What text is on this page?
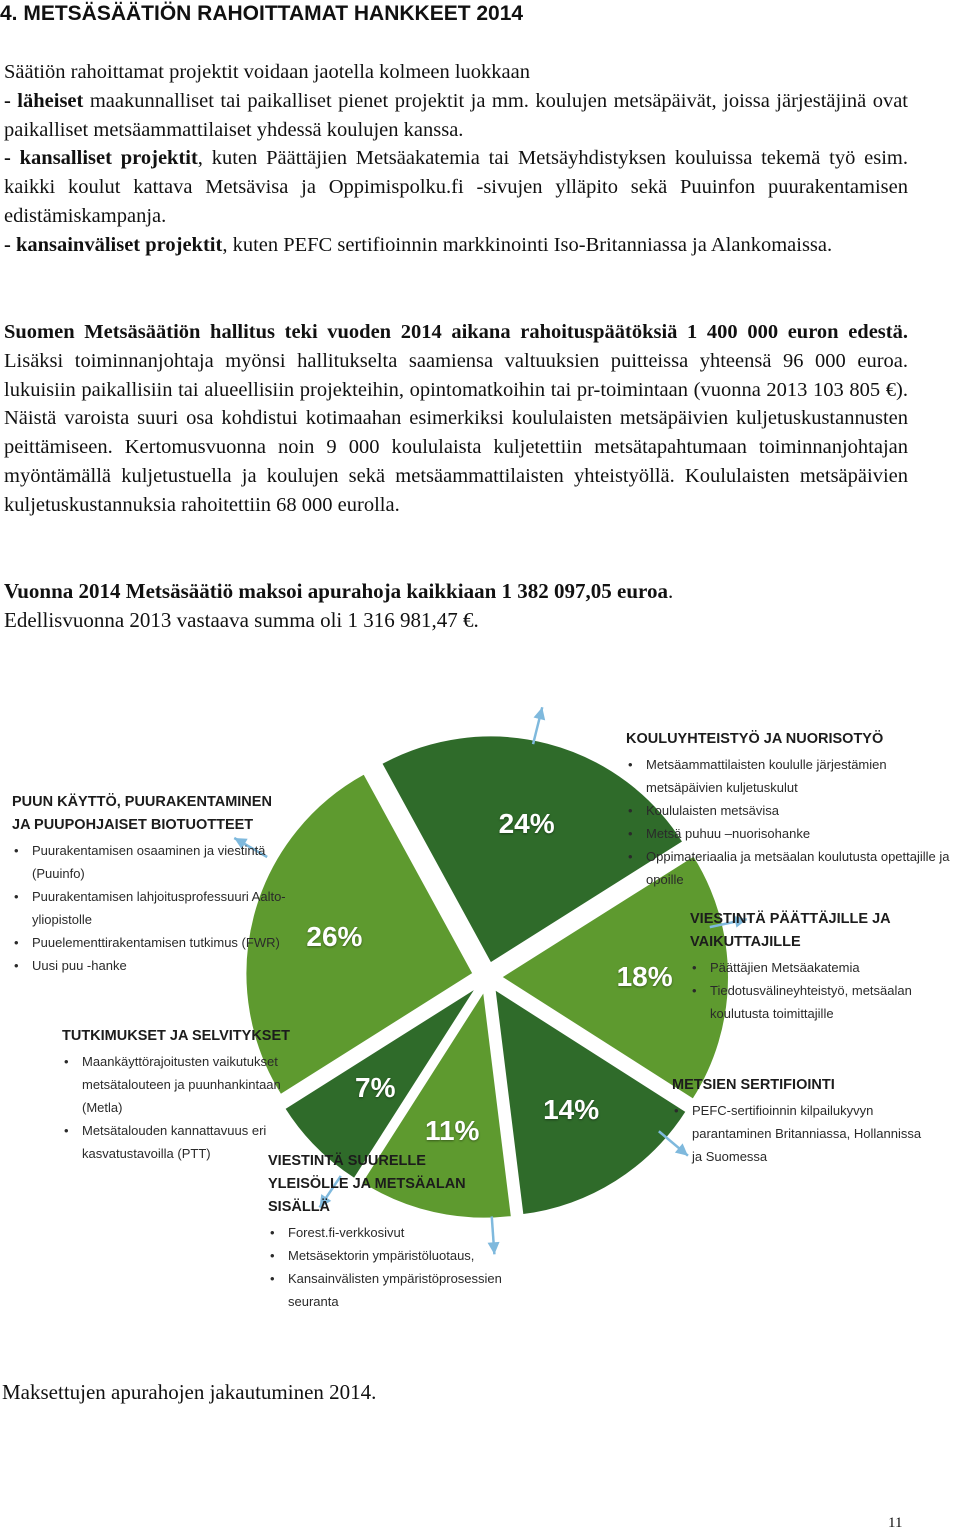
4. METSÄSÄÄTIÖN RAHOITTAMAT HANKKEET 2014
Säätiön rahoittamat projektit voidaan jaotella kolmeen luokkaan
- läheiset maakunnalliset tai paikalliset pienet projektit ja mm. koulujen metsäpäivät, joissa järjestäjinä ovat paikalliset metsäammattilaiset yhdessä koulujen kanssa.
- kansalliset projektit, kuten Päättäjien Metsäakatemia tai Metsäyhdistyksen kouluissa tekemä työ esim. kaikki koulut kattava Metsävisa ja Oppimispolku.fi -sivujen ylläpito sekä Puuinfon puurakentamisen edistämiskampanja.
- kansainväliset projektit, kuten PEFC sertifioinnin markkinointi Iso-Britanniassa ja Alankomaissa.
Suomen Metsäsäätiön hallitus teki vuoden 2014 aikana rahoituspäätöksiä 1 400 000 euron edestä. Lisäksi toiminnanjohtaja myönsi hallitukselta saamiensa valtuuksien puitteissa yhteensä 96 000 euroa. lukuisiin paikallisiin tai alueellisiin projekteihin, opintomatkoihin tai pr-toimintaan (vuonna 2013 103 805 €). Näistä varoista suuri osa kohdistui kotimaahan esimerkiksi koululaisten metsäpäivien kuljetuskustannusten peittämiseen. Kertomusvuonna noin 9 000 koululaista kuljetettiin metsätapahtumaan toiminnanjohtajan myöntämällä kuljetustuella ja koulujen sekä metsäammattilaisten yhteistyöllä. Koululaisten metsäpäivien kuljetuskustannuksia rahoitettiin 68 000 eurolla.
Vuonna 2014 Metsäsäätiö maksoi apurahoja kaikkiaan 1 382 097,05 euroa.
Edellisvuonna 2013 vastaava summa oli 1 316 981,47 €.
24%
18%
14%
11%
7%
26%
KOULUYHTEISTYÖ JA NUORISOTYÖ
• Metsäammattilaisten koululle järjestämien metsäpäivien kuljetuskulut
• Koululaisten metsävisa
• Metsä puhuu –nuorisohanke
• Oppimateriaalia ja metsäalan koulutusta opettajille ja opoille
PUUN KÄYTTÖ, PUURAKENTAMINEN
JA PUUPOHJAISET BIOTUOTTEET
• Puurakentamisen osaaminen ja viestintä (Puuinfo)
• Puurakentamisen lahjoitusprofessuuri Aalto-yliopistolle
• Puuelementtirakentamisen tutkimus (FWR)
• Uusi puu -hanke
VIESTINTÄ PÄÄTTÄJILLE JA
VAIKUTTAJILLE
• Päättäjien Metsäakatemia
• Tiedotusvälineyhteistyö, metsäalan koulutusta toimittajille
TUTKIMUKSET JA SELVITYKSET
• Maankäyttörajoitusten vaikutukset metsätalouteen ja puunhankintaan (Metla)
• Metsätalouden kannattavuus eri kasvatustavoilla (PTT)
METSIEN SERTIFIOINTI
• PEFC-sertifioinnin kilpailukyvyn parantaminen Britanniassa, Hollannissa ja Suomessa
VIESTINTÄ SUURELLE
YLEISÖLLE JA METSÄALAN
SISÄLLÄ
• Forest.fi-verkkosivut
• Metsäsektorin ympäristöluotaus,
• Kansainvälisten ympäristöprosessien seuranta
Maksettujen apurahojen jakautuminen 2014.
11
